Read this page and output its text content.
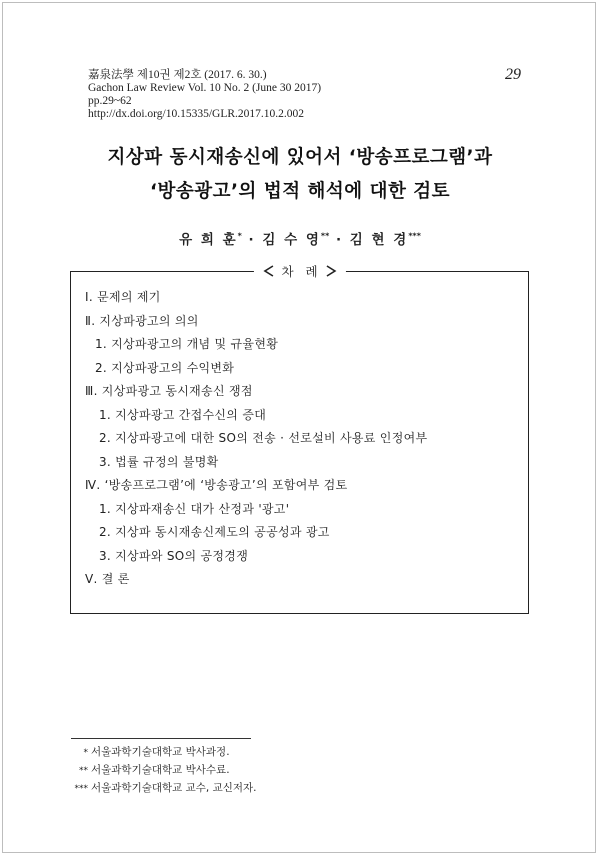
嘉泉法學 제10권 제2호 (2017. 6. 30.)
Gachon Law Review Vol. 10 No. 2 (June 30 2017)
pp.29~62
http://dx.doi.org/10.15335/GLR.2017.10.2.002
29
지상파 동시재송신에 있어서 ‘방송프로그램’과
‘방송광고’의 법적 해석에 대한 검토
유 희 훈* · 김 수 영** · 김 현 경***
차 례
Ⅰ. 문제의 제기
Ⅱ. 지상파광고의 의의
1. 지상파광고의 개념 및 규율현황
2. 지상파광고의 수익변화
Ⅲ. 지상파광고 동시재송신 쟁점
1. 지상파광고 간접수신의 증대
2. 지상파광고에 대한 SO의 전송 · 선로설비 사용료 인정여부
3. 법률 규정의 불명확
Ⅳ. ‘방송프로그램’에 ‘방송광고’의 포함여부 검토
1. 지상파재송신 대가 산정과 '광고'
2. 지상파 동시재송신제도의 공공성과 광고
3. 지상파와 SO의 공정경쟁
Ⅴ. 결 론
* 서울과학기술대학교 박사과정.
** 서울과학기술대학교 박사수료.
*** 서울과학기술대학교 교수, 교신저자.
